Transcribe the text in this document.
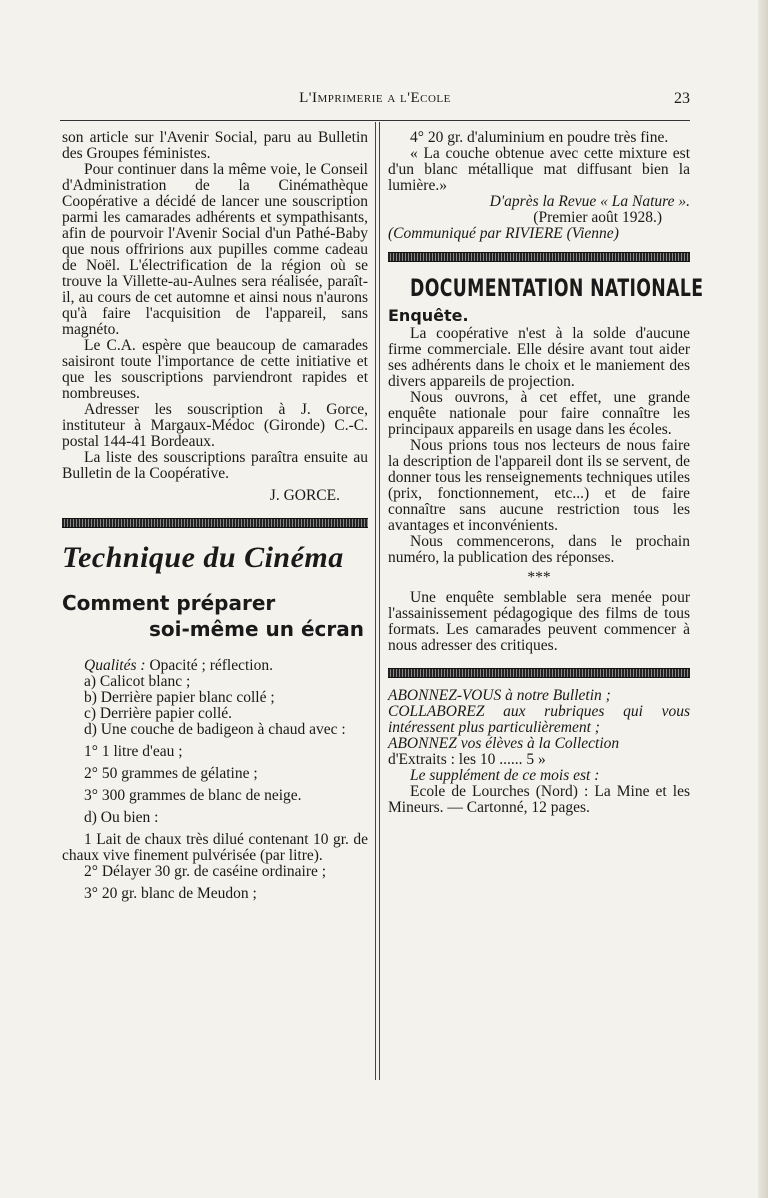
L'Imprimerie a l'Ecole	23

son article sur l'Avenir Social, paru au Bulletin des Groupes féministes.

Pour continuer dans la même voie, le Conseil d'Administration de la Cinémathèque Coopérative a décidé de lancer une souscription parmi les camarades adhérents et sympathisants, afin de pourvoir l'Avenir Social d'un Pathé-Baby que nous offririons aux pupilles comme cadeau de Noël. L'électrification de la région où se trouve la Villette-au-Aulnes sera réalisée, paraît-il, au cours de cet automne et ainsi nous n'aurons qu'à faire l'acquisition de l'appareil, sans magnéto.

Le C.A. espère que beaucoup de camarades saisiront toute l'importance de cette initiative et que les souscriptions parviendront rapides et nombreuses.

Adresser les souscription à J. Gorce, instituteur à Margaux-Médoc (Gironde) C.-C. postal 144-41 Bordeaux.

La liste des souscriptions paraîtra ensuite au Bulletin de la Coopérative.

J. GORCE.

Technique du Cinéma
Comment préparer
soi-même un écran

Qualités : Opacité ; réflection.

a) Calicot blanc ;

b) Derrière papier blanc collé ;

c) Derrière papier collé.

d) Une couche de badigeon à chaud avec :

1° 1 litre d'eau ;

2° 50 grammes de gélatine ;

3° 300 grammes de blanc de neige.

d) Ou bien :

1 Lait de chaux très dilué contenant 10 gr. de chaux vive finement pulvérisée (par litre).

2° Délayer 30 gr. de caséine ordinaire ;

3° 20 gr. blanc de Meudon ;

4° 20 gr. d'aluminium en poudre très fine.

« La couche obtenue avec cette mixture est d'un blanc métallique mat diffusant bien la lumière.»

D'après la Revue « La Nature ».

(Premier août 1928.)

(Communiqué par RIVIERE (Vienne)

DOCUMENTATION NATIONALE
Enquête.

La coopérative n'est à la solde d'aucune firme commerciale. Elle désire avant tout aider ses adhérents dans le choix et le maniement des divers appareils de projection.

Nous ouvrons, à cet effet, une grande enquête nationale pour faire connaître les principaux appareils en usage dans les écoles.

Nous prions tous nos lecteurs de nous faire la description de l'appareil dont ils se servent, de donner tous les renseignements techniques utiles (prix, fonctionnement, etc...) et de faire connaître sans aucune restriction tous les avantages et inconvénients.

Nous commencerons, dans le prochain numéro, la publication des réponses.

***

Une enquête semblable sera menée pour l'assainissement pédagogique des films de tous formats. Les camarades peuvent commencer à nous adresser des critiques.

ABONNEZ-VOUS à notre Bulletin ;

COLLABOREZ aux rubriques qui vous intéressent plus particulièrement ;

ABONNEZ vos élèves à la Collection

d'Extraits : les 10 ...... 5 »

Le supplément de ce mois est :

Ecole de Lourches (Nord) : La Mine et les Mineurs. — Cartonné, 12 pages.
